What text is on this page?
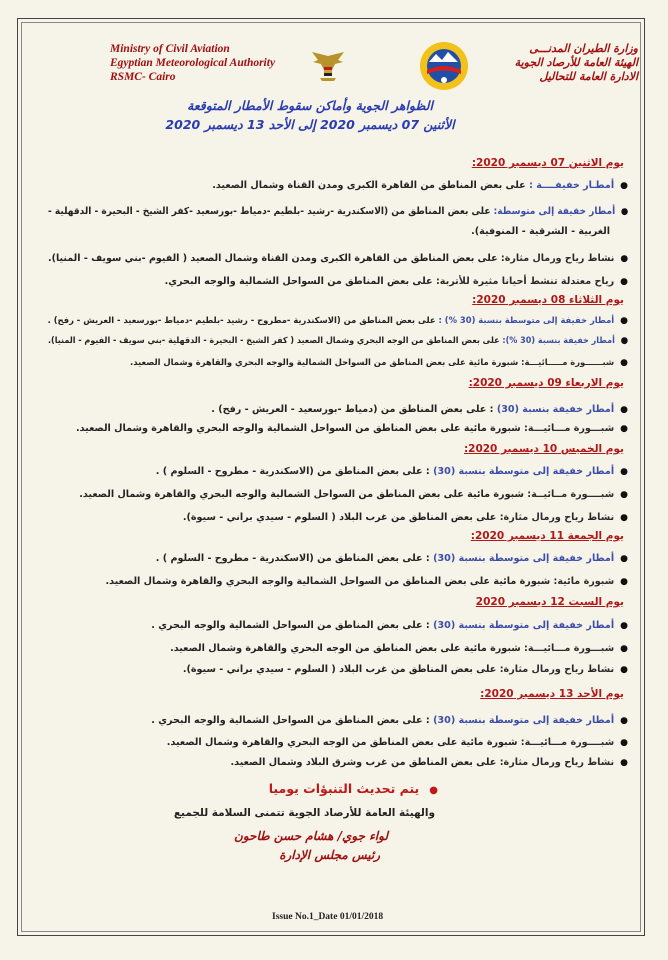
Ministry of Civil Aviation
Egyptian Meteorological Authority
RSMC- Cairo
وزارة الطيران المدنـــى
الهيئة العامة للأرصاد الجوية
الادارة العامة للتحاليل
الظواهر الجوية وأماكن سقوط الأمطار المتوقعة
الأثنين 07 ديسمبر 2020 إلى الأحد 13 ديسمبر 2020
يوم الاثنين 07 ديسمبر 2020:
●أمطـار خفيفــــة : على بعض المناطق من القاهرة الكبرى ومدن القناة وشمال الصعيد.
●أمطار خفيفة إلى متوسطة: على بعض المناطق من (الاسكندرية -رشيد -بلطيم -دمياط -بورسعيد -كفر الشيخ - البحيرة - الدقهلية -
الغربية - الشرقية - المنوفية).
●نشاط رياح ورمال مثارة: على بعض المناطق من القاهرة الكبرى ومدن القناة وشمال الصعيد ( الفيوم -بني سويف - المنيا).
●رياح معتدلة تنشط أحيانا مثيرة للأتربة: على بعض المناطق من السواحل الشمالية والوجه البحري.
يوم الثلاثاء 08 ديسمبر 2020:
●أمطار خفيفة إلى متوسطة بنسبة (30 %) : على بعض المناطق من (الاسكندرية -مطروح - رشيد -بلطيم -دمياط -بورسعيد - العريش - رفح) .
●أمطار خفيفة بنسبة (30 %): على بعض المناطق من الوجه البحري وشمال الصعيد ( كفر الشيخ - البحيرة - الدقهلية -بني سويف - الفيوم - المنيا).
●شبــــــورة مـــــائيـــة: شبورة مائية على بعض المناطق من السواحل الشمالية والوجه البحري والقاهرة وشمال الصعيد.
يوم الاربعاء 09 ديسمبر 2020:
●أمطار خفيفة بنسبة (30) : على بعض المناطق من (دمياط -بورسعيد - العريش - رفح) .
●شبـــورة مـــائيـــة: شبورة مائية على بعض المناطق من السواحل الشمالية والوجه البحري والقاهرة وشمال الصعيد.
يوم الخميس 10 ديسمبر 2020:
●أمطار خفيفة إلى متوسطة بنسبة (30) : على بعض المناطق من (الاسكندرية - مطروح - السلوم ) .
●شبــــورة مــائيــة: شبورة مائية على بعض المناطق من السواحل الشمالية والوجه البحري والقاهرة وشمال الصعيد.
●نشاط رياح ورمال مثارة: على بعض المناطق من غرب البلاد ( السلوم - سيدي براني - سيوة).
يوم الجمعة 11 ديسمبر 2020:
●أمطار خفيفة إلى متوسطة بنسبة (30) : على بعض المناطق من (الاسكندرية - مطروح - السلوم ) .
●شبورة مائية: شبورة مائية على بعض المناطق من السواحل الشمالية والوجه البحري والقاهرة وشمال الصعيد.
يوم السبت 12 ديسمبر 2020
●أمطار خفيفة إلى متوسطة بنسبة (30) : على بعض المناطق من السواحل الشمالية والوجه البحري .
●شبـــورة مـــائيـــة: شبورة مائية على بعض المناطق من الوجه البحري والقاهرة وشمال الصعيد.
●نشاط رياح ورمال مثارة: على بعض المناطق من غرب البلاد ( السلوم - سيدي براني - سيوة).
يوم الأحد 13 ديسمبر 2020:
●أمطار خفيفة إلى متوسطة بنسبة (30) : على بعض المناطق من السواحل الشمالية والوجه البحري .
●شبــــورة مـــائيـــة: شبورة مائية على بعض المناطق من الوجه البحري والقاهرة وشمال الصعيد.
●نشاط رياح ورمال مثارة: على بعض المناطق من غرب وشرق البلاد وشمال الصعيد.
●يتم تحديث التنبؤات يوميا
والهيئة العامة للأرصاد الجوية تتمنى السلامة للجميع
لواء جوي/ هشام حسن طاحون
رئيس مجلس الإدارة
Issue No.1_Date 01/01/2018
